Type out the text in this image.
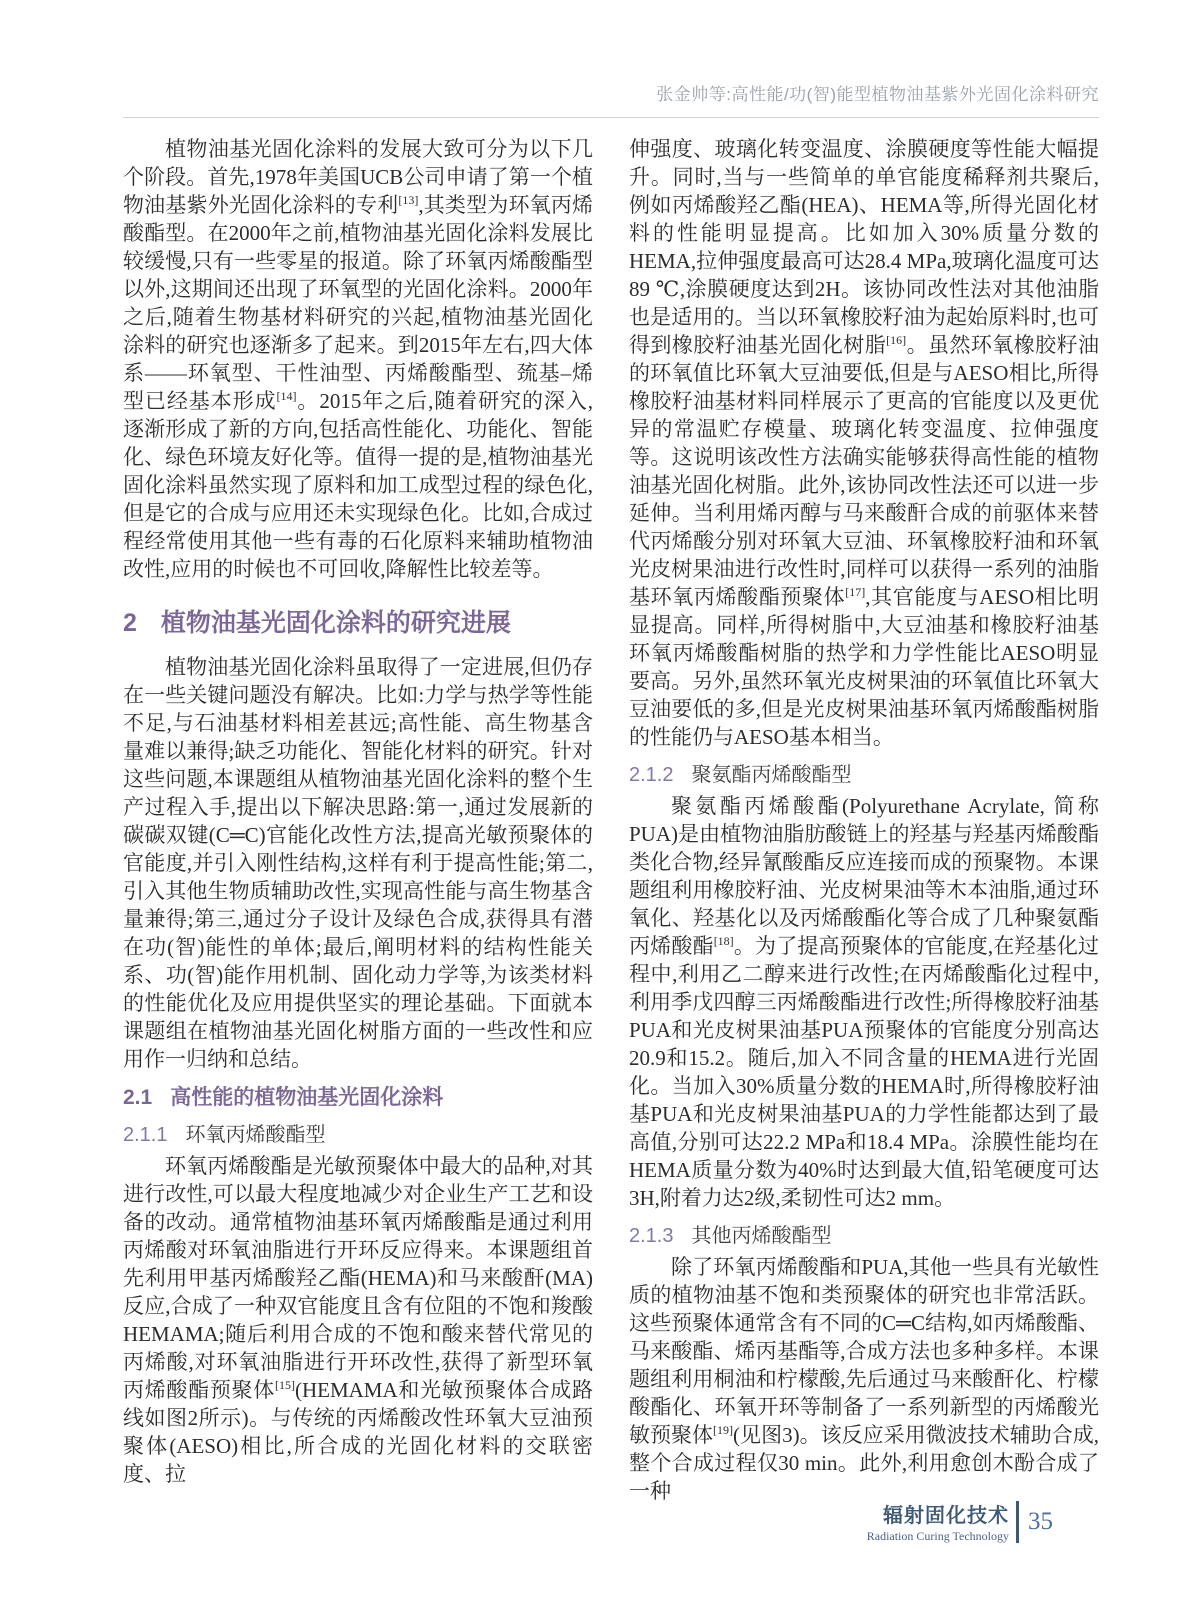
张金帅等:高性能/功(智)能型植物油基紫外光固化涂料研究

植物油基光固化涂料的发展大致可分为以下几个阶段。首先,1978年美国UCB公司申请了第一个植物油基紫外光固化涂料的专利[13],其类型为环氧丙烯酸酯型。在2000年之前,植物油基光固化涂料发展比较缓慢,只有一些零星的报道。除了环氧丙烯酸酯型以外,这期间还出现了环氧型的光固化涂料。2000年之后,随着生物基材料研究的兴起,植物油基光固化涂料的研究也逐渐多了起来。到2015年左右,四大体系——环氧型、干性油型、丙烯酸酯型、巯基–烯型已经基本形成[14]。2015年之后,随着研究的深入,逐渐形成了新的方向,包括高性能化、功能化、智能化、绿色环境友好化等。值得一提的是,植物油基光固化涂料虽然实现了原料和加工成型过程的绿色化,但是它的合成与应用还未实现绿色化。比如,合成过程经常使用其他一些有毒的石化原料来辅助植物油改性,应用的时候也不可回收,降解性比较差等。

2 植物油基光固化涂料的研究进展

植物油基光固化涂料虽取得了一定进展,但仍存在一些关键问题没有解决。比如:力学与热学等性能不足,与石油基材料相差甚远;高性能、高生物基含量难以兼得;缺乏功能化、智能化材料的研究。针对这些问题,本课题组从植物油基光固化涂料的整个生产过程入手,提出以下解决思路:第一,通过发展新的碳碳双键(C═C)官能化改性方法,提高光敏预聚体的官能度,并引入刚性结构,这样有利于提高性能;第二,引入其他生物质辅助改性,实现高性能与高生物基含量兼得;第三,通过分子设计及绿色合成,获得具有潜在功(智)能性的单体;最后,阐明材料的结构性能关系、功(智)能作用机制、固化动力学等,为该类材料的性能优化及应用提供坚实的理论基础。下面就本课题组在植物油基光固化树脂方面的一些改性和应用作一归纳和总结。

2.1 高性能的植物油基光固化涂料
2.1.1 环氧丙烯酸酯型

环氧丙烯酸酯是光敏预聚体中最大的品种,对其进行改性,可以最大程度地减少对企业生产工艺和设备的改动。通常植物油基环氧丙烯酸酯是通过利用丙烯酸对环氧油脂进行开环反应得来。本课题组首先利用甲基丙烯酸羟乙酯(HEMA)和马来酸酐(MA)反应,合成了一种双官能度且含有位阻的不饱和羧酸HEMAMA;随后利用合成的不饱和酸来替代常见的丙烯酸,对环氧油脂进行开环改性,获得了新型环氧丙烯酸酯预聚体[15](HEMAMA和光敏预聚体合成路线如图2所示)。与传统的丙烯酸改性环氧大豆油预聚体(AESO)相比,所合成的光固化材料的交联密度、拉

伸强度、玻璃化转变温度、涂膜硬度等性能大幅提升。同时,当与一些简单的单官能度稀释剂共聚后,例如丙烯酸羟乙酯(HEA)、HEMA等,所得光固化材料的性能明显提高。比如加入30%质量分数的HEMA,拉伸强度最高可达28.4 MPa,玻璃化温度可达89 ℃,涂膜硬度达到2H。该协同改性法对其他油脂也是适用的。当以环氧橡胶籽油为起始原料时,也可得到橡胶籽油基光固化树脂[16]。虽然环氧橡胶籽油的环氧值比环氧大豆油要低,但是与AESO相比,所得橡胶籽油基材料同样展示了更高的官能度以及更优异的常温贮存模量、玻璃化转变温度、拉伸强度等。这说明该改性方法确实能够获得高性能的植物油基光固化树脂。此外,该协同改性法还可以进一步延伸。当利用烯丙醇与马来酸酐合成的前驱体来替代丙烯酸分别对环氧大豆油、环氧橡胶籽油和环氧光皮树果油进行改性时,同样可以获得一系列的油脂基环氧丙烯酸酯预聚体[17],其官能度与AESO相比明显提高。同样,所得树脂中,大豆油基和橡胶籽油基环氧丙烯酸酯树脂的热学和力学性能比AESO明显要高。另外,虽然环氧光皮树果油的环氧值比环氧大豆油要低的多,但是光皮树果油基环氧丙烯酸酯树脂的性能仍与AESO基本相当。

2.1.2 聚氨酯丙烯酸酯型

聚氨酯丙烯酸酯(Polyurethane Acrylate, 简称PUA)是由植物油脂肪酸链上的羟基与羟基丙烯酸酯类化合物,经异氰酸酯反应连接而成的预聚物。本课题组利用橡胶籽油、光皮树果油等木本油脂,通过环氧化、羟基化以及丙烯酸酯化等合成了几种聚氨酯丙烯酸酯[18]。为了提高预聚体的官能度,在羟基化过程中,利用乙二醇来进行改性;在丙烯酸酯化过程中,利用季戊四醇三丙烯酸酯进行改性;所得橡胶籽油基PUA和光皮树果油基PUA预聚体的官能度分别高达20.9和15.2。随后,加入不同含量的HEMA进行光固化。当加入30%质量分数的HEMA时,所得橡胶籽油基PUA和光皮树果油基PUA的力学性能都达到了最高值,分别可达22.2 MPa和18.4 MPa。涂膜性能均在HEMA质量分数为40%时达到最大值,铅笔硬度可达3H,附着力达2级,柔韧性可达2 mm。

2.1.3 其他丙烯酸酯型

除了环氧丙烯酸酯和PUA,其他一些具有光敏性质的植物油基不饱和类预聚体的研究也非常活跃。这些预聚体通常含有不同的C═C结构,如丙烯酸酯、马来酸酯、烯丙基酯等,合成方法也多种多样。本课题组利用桐油和柠檬酸,先后通过马来酸酐化、柠檬酸酯化、环氧开环等制备了一系列新型的丙烯酸光敏预聚体[19](见图3)。该反应采用微波技术辅助合成,整个合成过程仅30 min。此外,利用愈创木酚合成了一种

辐射固化技术
Radiation Curing Technology
35
